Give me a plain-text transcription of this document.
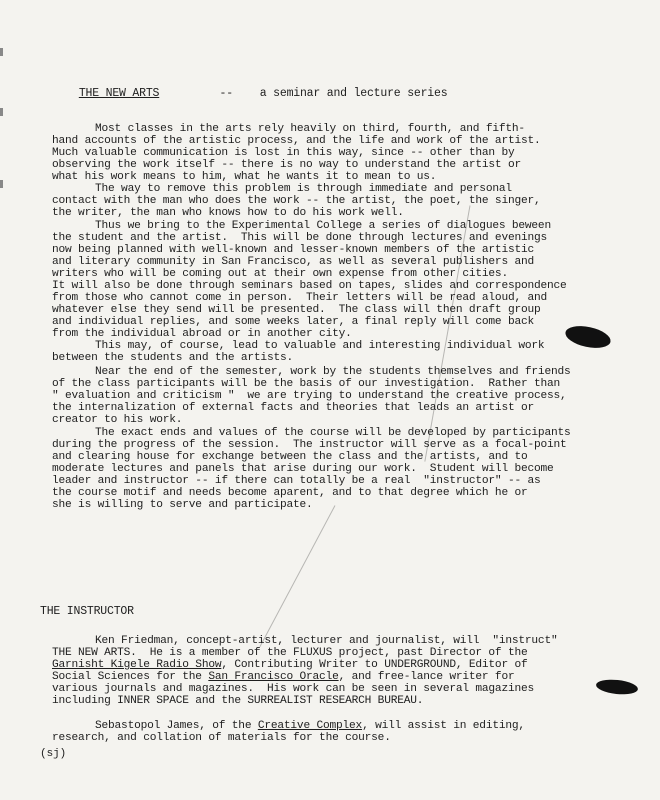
THE NEW ARTS	-- a seminar and lecture series

Most classes in the arts rely heavily on third, fourth, and fifth-
hand accounts of the artistic process, and the life and work of the artist.
Much valuable communication is lost in this way, since -- other than by
observing the work itself -- there is no way to understand the artist or
what his work means to him, what he wants it to mean to us.
The way to remove this problem is through immediate and personal
contact with the man who does the work -- the artist, the poet, the singer,
the writer, the man who knows how to do his work well.
Thus we bring to the Experimental College a series of dialogues beween
the student and the artist.  This will be done through lectures and evenings
now being planned with well-known and lesser-known members of the artistic
and literary community in San Francisco, as well as several publishers and
writers who will be coming out at their own expense from other cities.
It will also be done through seminars based on tapes, slides and correspondence
from those who cannot come in person.  Their letters will be read aloud, and
whatever else they send will be presented.  The class will then draft group
and individual replies, and some weeks later, a final reply will come back
from the individual abroad or in another city.
This may, of course, lead to valuable and interesting individual work
between the students and the artists.
Near the end of the semester, work by the students themselves and friends
of the class participants will be the basis of our investigation.  Rather than
" evaluation and criticism "  we are trying to understand the creative process,
the internalization of external facts and theories that leads an artist or
creator to his work.
The exact ends and values of the course will be developed by participants
during the progress of the session.  The instructor will serve as a focal-point
and clearing house for exchange between the class and the artists, and to
moderate lectures and panels that arise during our work.  Student will become
leader and instructor -- if there can totally be a real  "instructor" -- as
the course motif and needs become aparent, and to that degree which he or
she is willing to serve and participate.
THE INSTRUCTOR
Ken Friedman, concept-artist, lecturer and journalist, will  "instruct"
THE NEW ARTS.  He is a member of the FLUXUS project, past Director of the
Garnisht Kigele Radio Show, Contributing Writer to UNDERGROUND, Editor of
Social Sciences for the San Francisco Oracle, and free-lance writer for
various journals and magazines.  His work can be seen in several magazines
including INNER SPACE and the SURREALIST RESEARCH BUREAU.
Sebastopol James, of the Creative Complex, will assist in editing,
research, and collation of materials for the course.
(sj)
